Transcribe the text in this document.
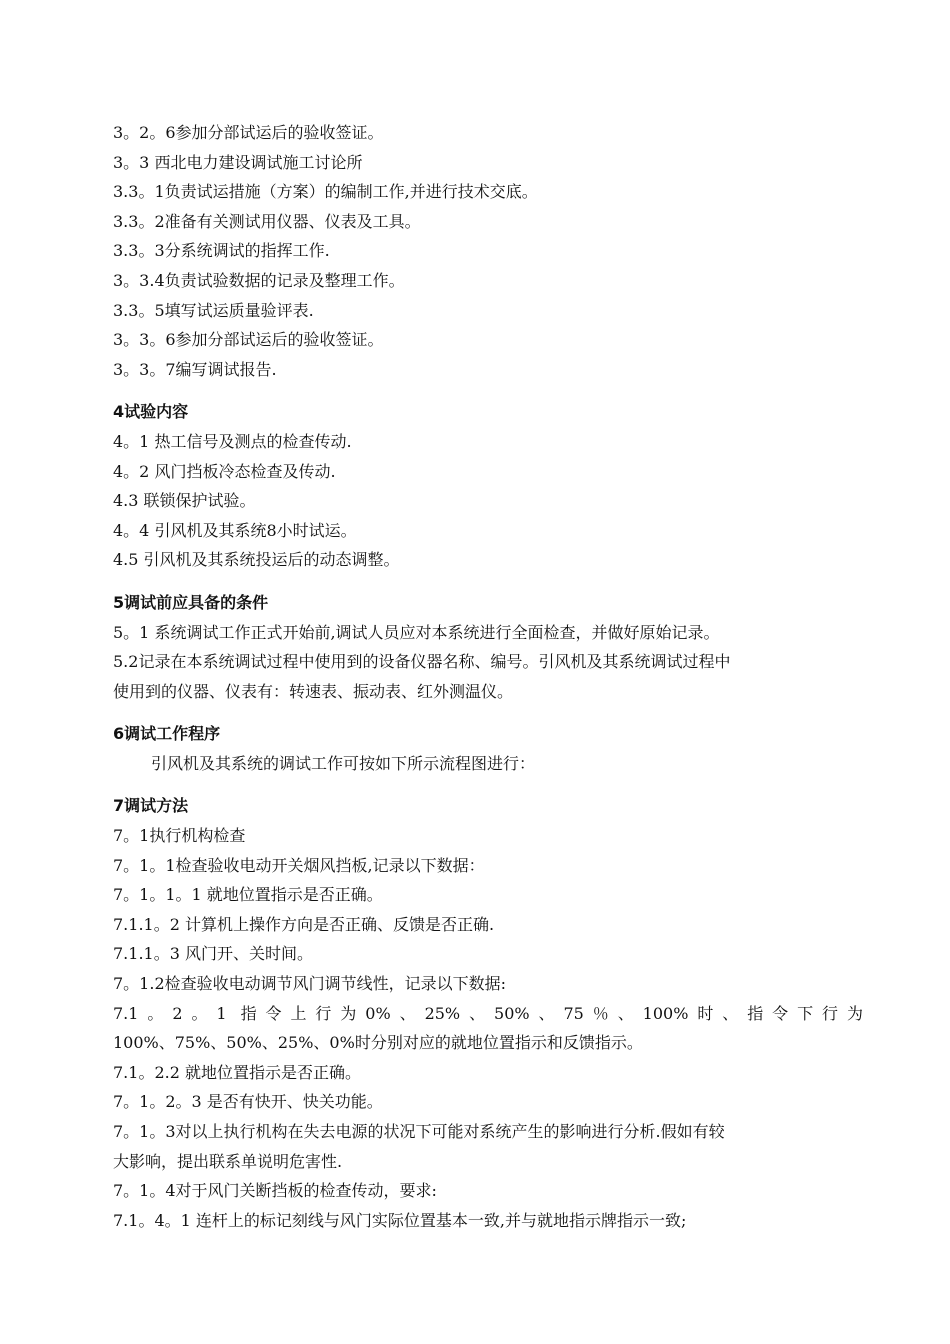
3。2。6参加分部试运后的验收签证。
3。3 西北电力建设调试施工讨论所
3.3。1负责试运措施（方案）的编制工作,并进行技术交底。
3.3。2准备有关测试用仪器、仪表及工具。
3.3。3分系统调试的指挥工作.
3。3.4负责试验数据的记录及整理工作。
3.3。5填写试运质量验评表.
3。3。6参加分部试运后的验收签证。
3。3。7编写调试报告.
4试验内容
4。1 热工信号及测点的检查传动.
4。2 风门挡板冷态检查及传动.
4.3 联锁保护试验。
4。4 引风机及其系统8小时试运。
4.5 引风机及其系统投运后的动态调整。
5调试前应具备的条件
5。1 系统调试工作正式开始前,调试人员应对本系统进行全面检查，并做好原始记录。
5.2记录在本系统调试过程中使用到的设备仪器名称、编号。引风机及其系统调试过程中
使用到的仪器、仪表有：转速表、振动表、红外测温仪。
6调试工作程序
引风机及其系统的调试工作可按如下所示流程图进行：
7调试方法
7。1执行机构检查
7。1。1检查验收电动开关烟风挡板,记录以下数据：
7。1。1。1 就地位置指示是否正确。
7.1.1。2 计算机上操作方向是否正确、反馈是否正确.
7.1.1。3 风门开、关时间。
7。1.2检查验收电动调节风门调节线性，记录以下数据:
7.1。2。1 指令上行为0%、25%、50%、75％、100%时、指令下行为
100%、75%、50%、25%、0%时分别对应的就地位置指示和反馈指示。
7.1。2.2 就地位置指示是否正确。
7。1。2。3 是否有快开、快关功能。
7。1。3对以上执行机构在失去电源的状况下可能对系统产生的影响进行分析.假如有较
大影响，提出联系单说明危害性.
7。1。4对于风门关断挡板的检查传动，要求:
7.1。4。1 连杆上的标记刻线与风门实际位置基本一致,并与就地指示牌指示一致;
